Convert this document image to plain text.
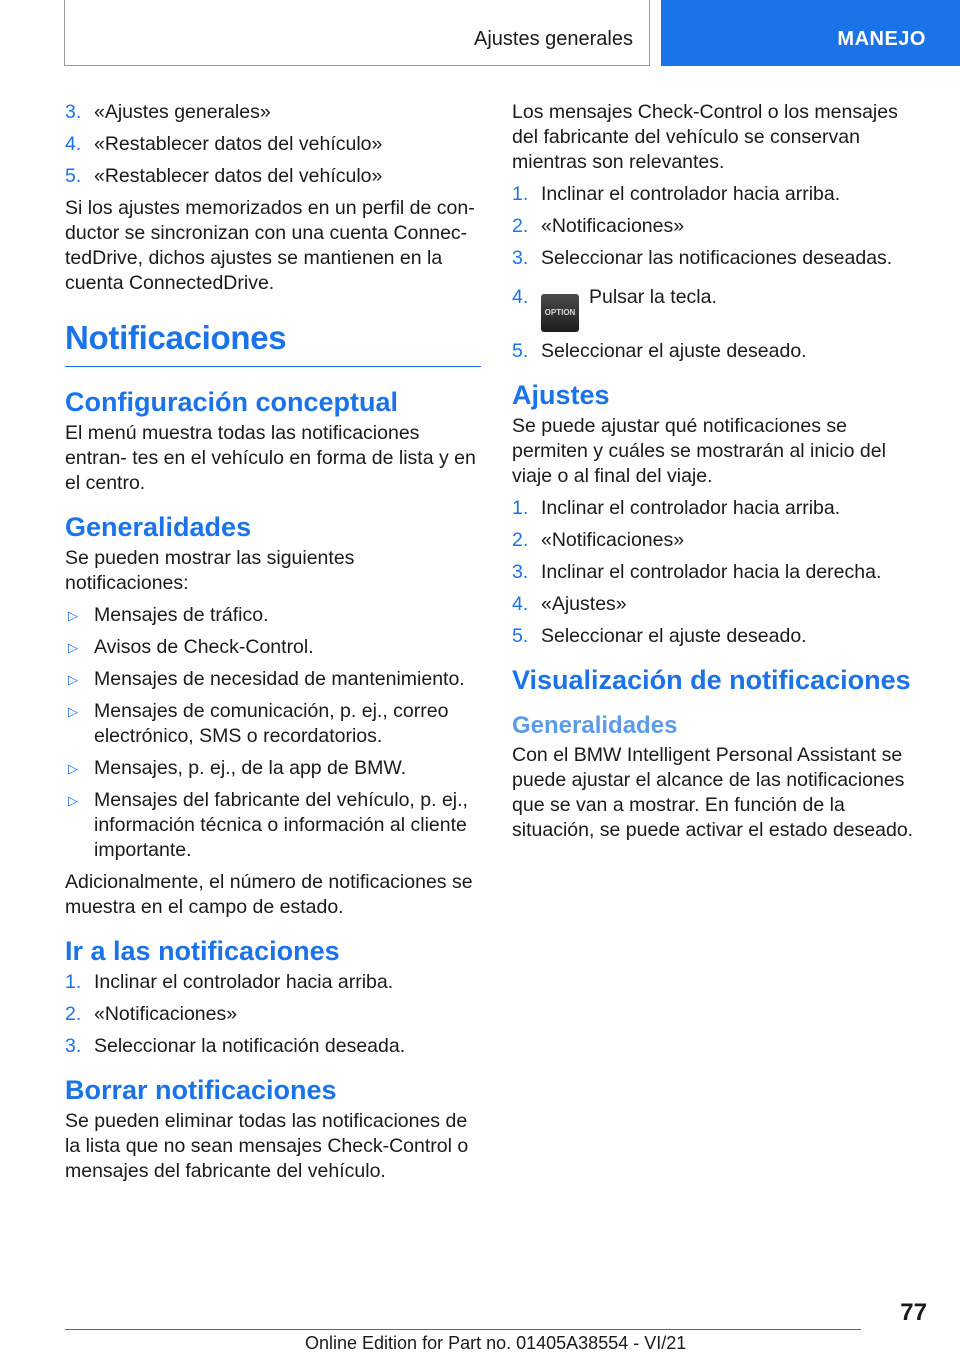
Ajustes generales	MANEJO
3. «Ajustes generales»
4. «Restablecer datos del vehículo»
5. «Restablecer datos del vehículo»

Si los ajustes memorizados en un perfil de con‐ ductor se sincronizan con una cuenta Connec‐ tedDrive, dichos ajustes se mantienen en la cuenta ConnectedDrive.

Notificaciones
Configuración conceptual

El menú muestra todas las notificaciones entran‐ tes en el vehículo en forma de lista y en el centro.

Generalidades

Se pueden mostrar las siguientes notificaciones:

▷ Mensajes de tráfico.
▷ Avisos de Check-Control.
▷ Mensajes de necesidad de mantenimiento.
▷ Mensajes de comunicación, p. ej., correo electrónico, SMS o recordatorios.
▷ Mensajes, p. ej., de la app de BMW.
▷ Mensajes del fabricante del vehículo, p. ej., información técnica o información al cliente importante.

Adicionalmente, el número de notificaciones se muestra en el campo de estado.

Ir a las notificaciones
1. Inclinar el controlador hacia arriba.
2. «Notificaciones»
3. Seleccionar la notificación deseada.
Borrar notificaciones

Se pueden eliminar todas las notificaciones de la lista que no sean mensajes Check-Control o mensajes del fabricante del vehículo.

Los mensajes Check-Control o los mensajes del fabricante del vehículo se conservan mientras son relevantes.

1. Inclinar el controlador hacia arriba.
2. «Notificaciones»
3. Seleccionar las notificaciones deseadas.
4.
OPTIONPulsar la tecla.
5. Seleccionar el ajuste deseado.
Ajustes

Se puede ajustar qué notificaciones se permiten y cuáles se mostrarán al inicio del viaje o al final del viaje.

1. Inclinar el controlador hacia arriba.
2. «Notificaciones»
3. Inclinar el controlador hacia la derecha.
4. «Ajustes»
5. Seleccionar el ajuste deseado.
Visualización de notificaciones
Generalidades

Con el BMW Intelligent Personal Assistant se puede ajustar el alcance de las notificaciones que se van a mostrar. En función de la situación, se puede activar el estado deseado.

77
Online Edition for Part no. 01405A38554 - VI/21
